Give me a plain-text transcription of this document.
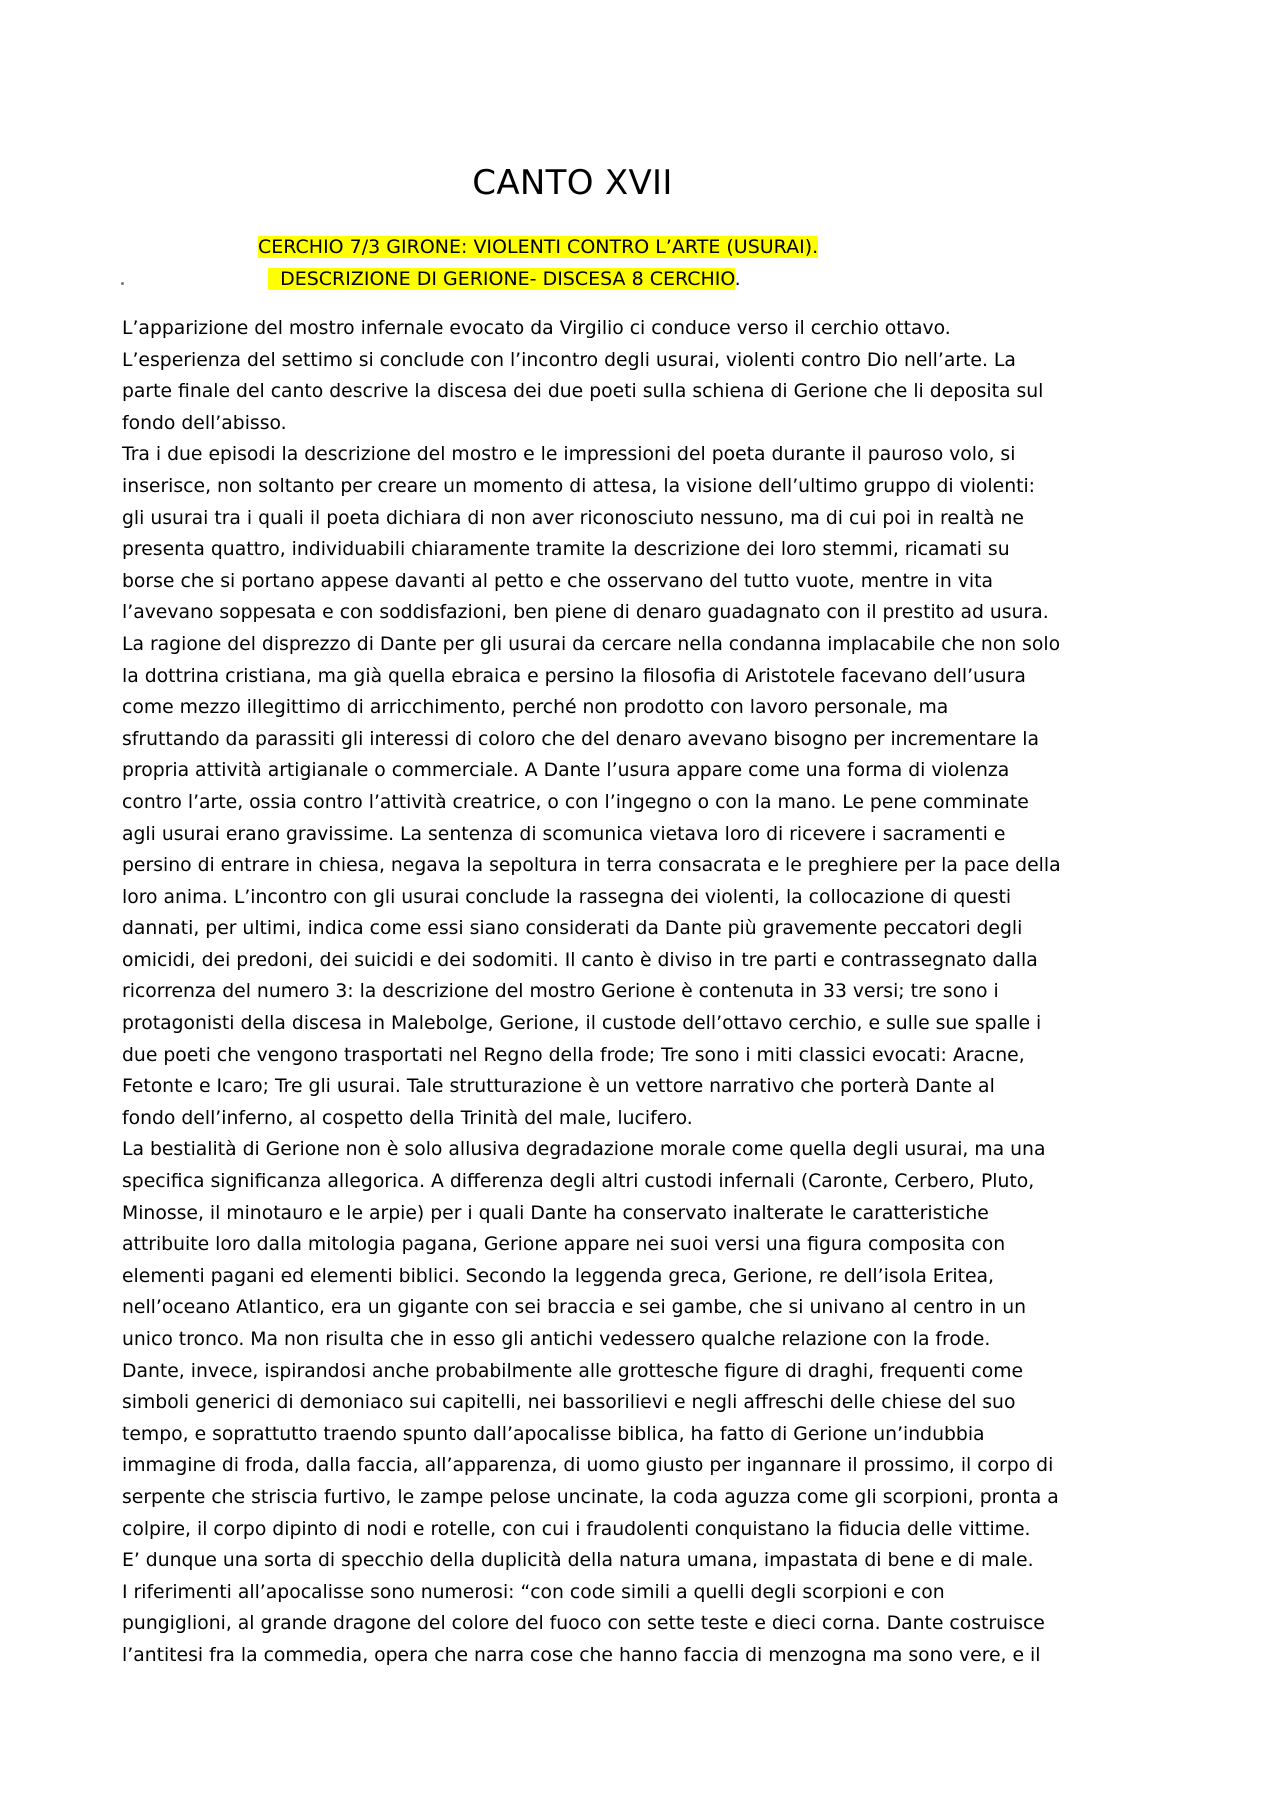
CANTO XVII
CERCHIO 7/3 GIRONE: VIOLENTI CONTRO L’ARTE (USURAI).
DESCRIZIONE DI GERIONE- DISCESA 8 CERCHIO.
L’apparizione del mostro infernale evocato da Virgilio ci conduce verso il cerchio ottavo.
L’esperienza del settimo si conclude con l’incontro degli usurai, violenti contro Dio nell’arte. La
parte finale del canto descrive la discesa dei due poeti sulla schiena di Gerione che li deposita sul
fondo dell’abisso.
Tra i due episodi la descrizione del mostro e le impressioni del poeta durante il pauroso volo, si
inserisce, non soltanto per creare un momento di attesa, la visione dell’ultimo gruppo di violenti:
gli usurai tra i quali il poeta dichiara di non aver riconosciuto nessuno, ma di cui poi in realtà ne
presenta quattro, individuabili chiaramente tramite la descrizione dei loro stemmi, ricamati su
borse che si portano appese davanti al petto e che osservano del tutto vuote, mentre in vita
l’avevano soppesata e con soddisfazioni, ben piene di denaro guadagnato con il prestito ad usura.
La ragione del disprezzo di Dante per gli usurai da cercare nella condanna implacabile che non solo
la dottrina cristiana, ma già quella ebraica e persino la filosofia di Aristotele facevano dell’usura
come mezzo illegittimo di arricchimento, perché non prodotto con lavoro personale, ma
sfruttando da parassiti gli interessi di coloro che del denaro avevano bisogno per incrementare la
propria attività artigianale o commerciale. A Dante l’usura appare come una forma di violenza
contro l’arte, ossia contro l’attività creatrice, o con l’ingegno o con la mano. Le pene comminate
agli usurai erano gravissime. La sentenza di scomunica vietava loro di ricevere i sacramenti e
persino di entrare in chiesa, negava la sepoltura in terra consacrata e le preghiere per la pace della
loro anima. L’incontro con gli usurai conclude la rassegna dei violenti, la collocazione di questi
dannati, per ultimi, indica come essi siano considerati da Dante più gravemente peccatori degli
omicidi, dei predoni, dei suicidi e dei sodomiti. Il canto è diviso in tre parti e contrassegnato dalla
ricorrenza del numero 3: la descrizione del mostro Gerione è contenuta in 33 versi; tre sono i
protagonisti della discesa in Malebolge, Gerione, il custode dell’ottavo cerchio, e sulle sue spalle i
due poeti che vengono trasportati nel Regno della frode; Tre sono i miti classici evocati: Aracne,
Fetonte e Icaro; Tre gli usurai. Tale strutturazione è un vettore narrativo che porterà Dante al
fondo dell’inferno, al cospetto della Trinità del male, lucifero.
La bestialità di Gerione non è solo allusiva degradazione morale come quella degli usurai, ma una
specifica significanza allegorica. A differenza degli altri custodi infernali (Caronte, Cerbero, Pluto,
Minosse, il minotauro e le arpie) per i quali Dante ha conservato inalterate le caratteristiche
attribuite loro dalla mitologia pagana, Gerione appare nei suoi versi una figura composita con
elementi pagani ed elementi biblici. Secondo la leggenda greca, Gerione, re dell’isola Eritea,
nell’oceano Atlantico, era un gigante con sei braccia e sei gambe, che si univano al centro in un
unico tronco. Ma non risulta che in esso gli antichi vedessero qualche relazione con la frode.
Dante, invece, ispirandosi anche probabilmente alle grottesche figure di draghi, frequenti come
simboli generici di demoniaco sui capitelli, nei bassorilievi e negli affreschi delle chiese del suo
tempo, e soprattutto traendo spunto dall’apocalisse biblica, ha fatto di Gerione un’indubbia
immagine di froda, dalla faccia, all’apparenza, di uomo giusto per ingannare il prossimo, il corpo di
serpente che striscia furtivo, le zampe pelose uncinate, la coda aguzza come gli scorpioni, pronta a
colpire, il corpo dipinto di nodi e rotelle, con cui i fraudolenti conquistano la fiducia delle vittime.
E’ dunque una sorta di specchio della duplicità della natura umana, impastata di bene e di male.
I riferimenti all’apocalisse sono numerosi: “con code simili a quelli degli scorpioni e con
pungiglioni, al grande dragone del colore del fuoco con sette teste e dieci corna. Dante costruisce
l’antitesi fra la commedia, opera che narra cose che hanno faccia di menzogna ma sono vere, e il
